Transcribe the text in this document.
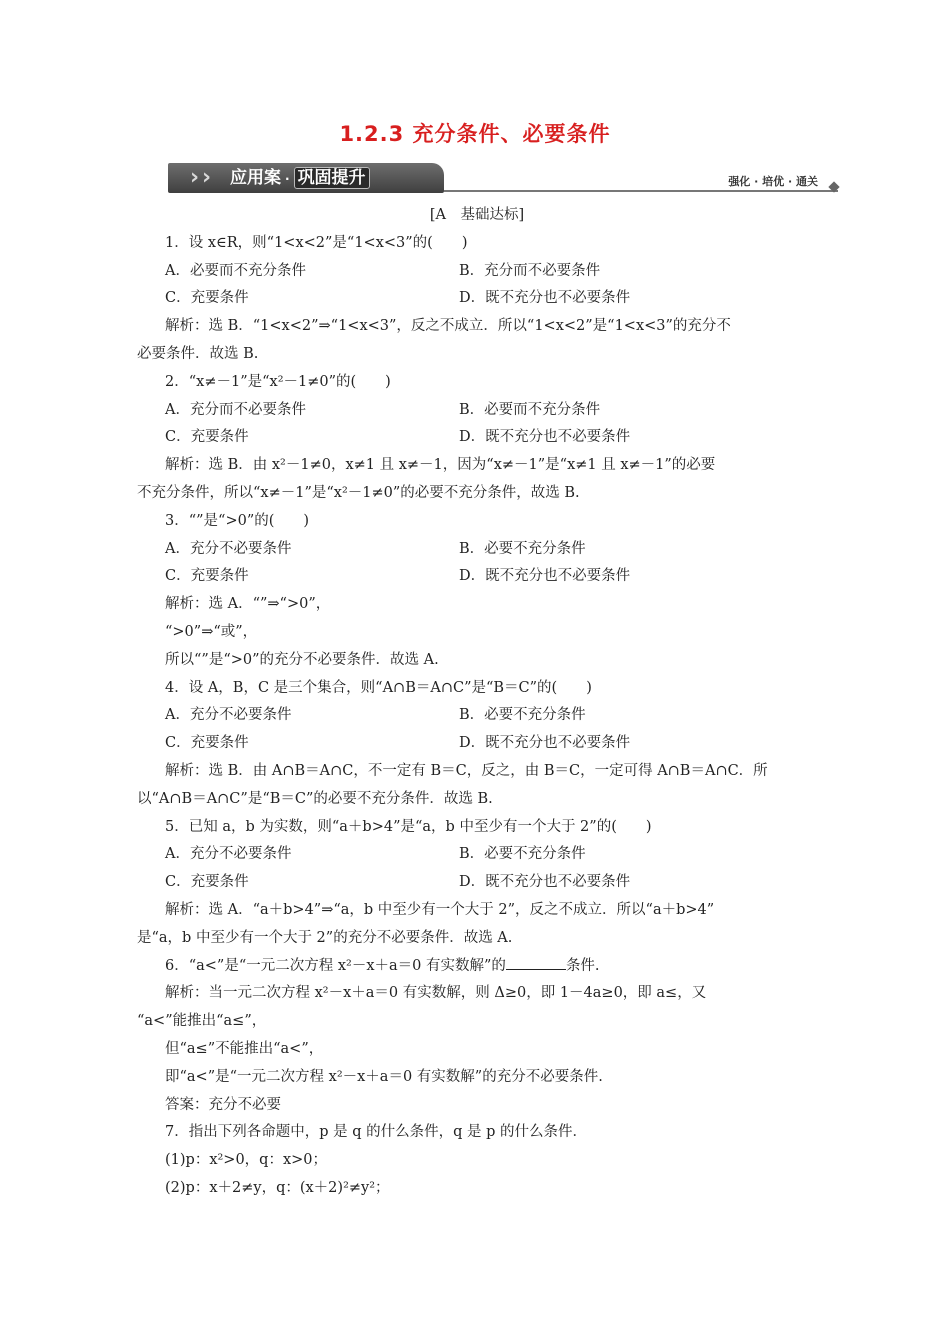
1.2.3 充分条件、必要条件
› › 应用案 · 巩固提升	强化 · 培优 · 通关
[A　基础达标]
1．设 x∈R，则“1<x<2”是“1<x<3”的(　　)
A．必要而不充分条件	B．充分而不必要条件
C．充要条件	D．既不充分也不必要条件
解析：选 B．“1<x<2”⇒“1<x<3”，反之不成立．所以“1<x<2”是“1<x<3”的充分不
必要条件．故选 B.
2．“x≠－1”是“x²－1≠0”的(　　)
A．充分而不必要条件	B．必要而不充分条件
C．充要条件	D．既不充分也不必要条件
解析：选 B．由 x²－1≠0，x≠1 且 x≠－1，因为“x≠－1”是“x≠1 且 x≠－1”的必要
不充分条件，所以“x≠－1”是“x²－1≠0”的必要不充分条件，故选 B.
3．“”是“>0”的(　　)
A．充分不必要条件	B．必要不充分条件
C．充要条件	D．既不充分也不必要条件
解析：选 A．“”⇒“>0”，
“>0”⇒“或”，
所以“”是“>0”的充分不必要条件．故选 A.
4．设 A，B，C 是三个集合，则“A∩B＝A∩C”是“B＝C”的(　　)
A．充分不必要条件	B．必要不充分条件
C．充要条件	D．既不充分也不必要条件
解析：选 B．由 A∩B＝A∩C，不一定有 B＝C，反之，由 B＝C，一定可得 A∩B＝A∩C．所
以“A∩B＝A∩C”是“B＝C”的必要不充分条件．故选 B.
5．已知 a，b 为实数，则“a＋b>4”是“a，b 中至少有一个大于 2”的(　　)
A．充分不必要条件	B．必要不充分条件
C．充要条件	D．既不充分也不必要条件
解析：选 A．“a＋b>4”⇒“a，b 中至少有一个大于 2”，反之不成立．所以“a＋b>4”
是“a，b 中至少有一个大于 2”的充分不必要条件．故选 A.
6．“a<”是“一元二次方程 x²－x＋a＝0 有实数解”的	条件.
解析：当一元二次方程 x²－x＋a＝0 有实数解，则 Δ≥0，即 1－4a≥0，即 a≤，又
“a<”能推出“a≤”，
但“a≤”不能推出“a<”，
即“a<”是“一元二次方程 x²－x＋a＝0 有实数解”的充分不必要条件.
答案：充分不必要
7．指出下列各命题中，p 是 q 的什么条件，q 是 p 的什么条件．
(1)p：x²>0，q：x>0；
(2)p：x＋2≠y，q：(x＋2)²≠y²；
